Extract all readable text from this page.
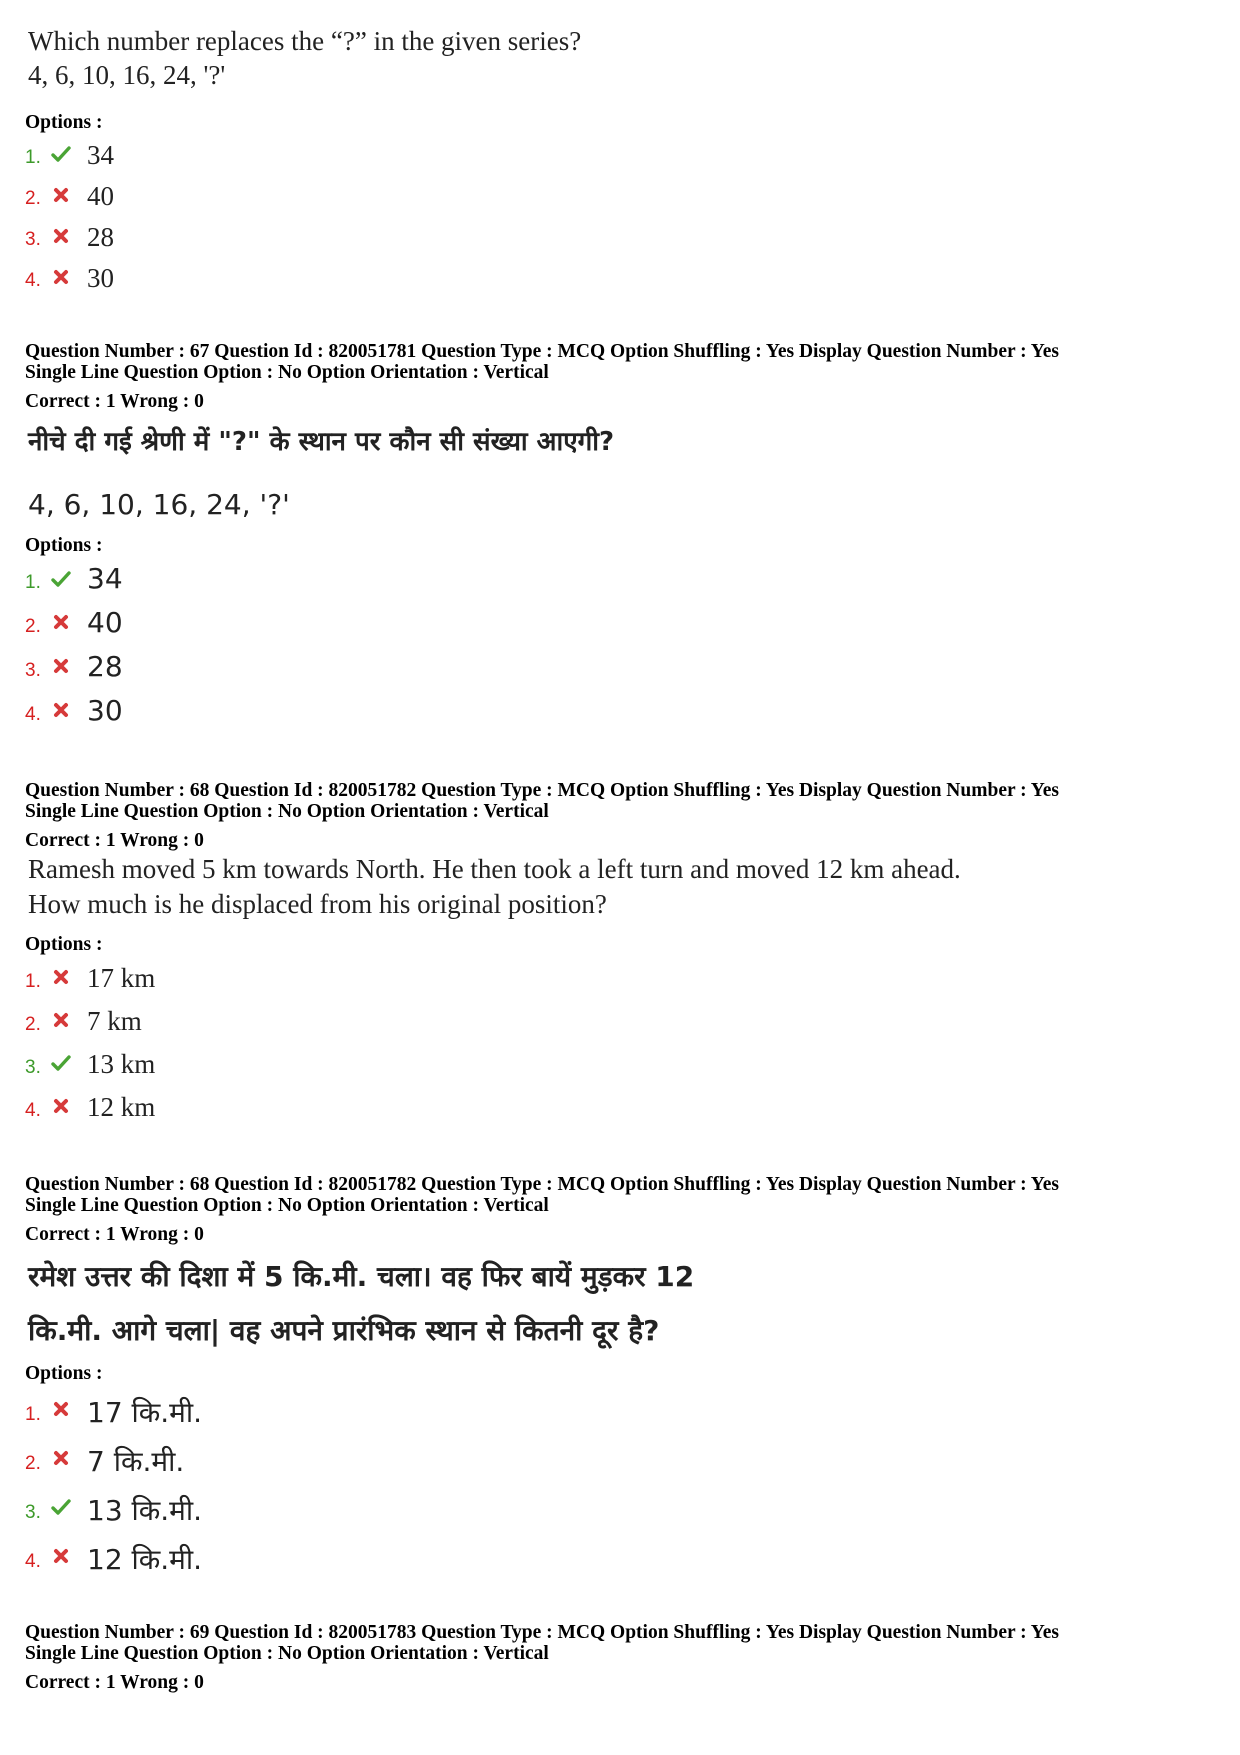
Which number replaces the “?” in the given series?
4, 6, 10, 16, 24, '?'
Options :
1. 34
2. 40
3. 28
4. 30
Question Number : 67 Question Id : 820051781 Question Type : MCQ Option Shuffling : Yes Display Question Number : Yes
Single Line Question Option : No Option Orientation : Vertical
Correct : 1 Wrong : 0
नीचे दी गई श्रेणी में "?" के स्थान पर कौन सी संख्या आएगी?
4, 6, 10, 16, 24, '?'
Options :
1. 34
2. 40
3. 28
4. 30
Question Number : 68 Question Id : 820051782 Question Type : MCQ Option Shuffling : Yes Display Question Number : Yes
Single Line Question Option : No Option Orientation : Vertical
Correct : 1 Wrong : 0
Ramesh moved 5 km towards North. He then took a left turn and moved 12 km ahead.
How much is he displaced from his original position?
Options :
1. 17 km
2. 7 km
3. 13 km
4. 12 km
Question Number : 68 Question Id : 820051782 Question Type : MCQ Option Shuffling : Yes Display Question Number : Yes
Single Line Question Option : No Option Orientation : Vertical
Correct : 1 Wrong : 0
रमेश उत्तर की दिशा में 5 कि.मी. चला। वह फिर बायें मुड़कर 12
कि.मी. आगे चला| वह अपने प्रारंभिक स्थान से कितनी दूर है?
Options :
1. 17 कि.मी.
2. 7 कि.मी.
3. 13 कि.मी.
4. 12 कि.मी.
Question Number : 69 Question Id : 820051783 Question Type : MCQ Option Shuffling : Yes Display Question Number : Yes
Single Line Question Option : No Option Orientation : Vertical
Correct : 1 Wrong : 0
